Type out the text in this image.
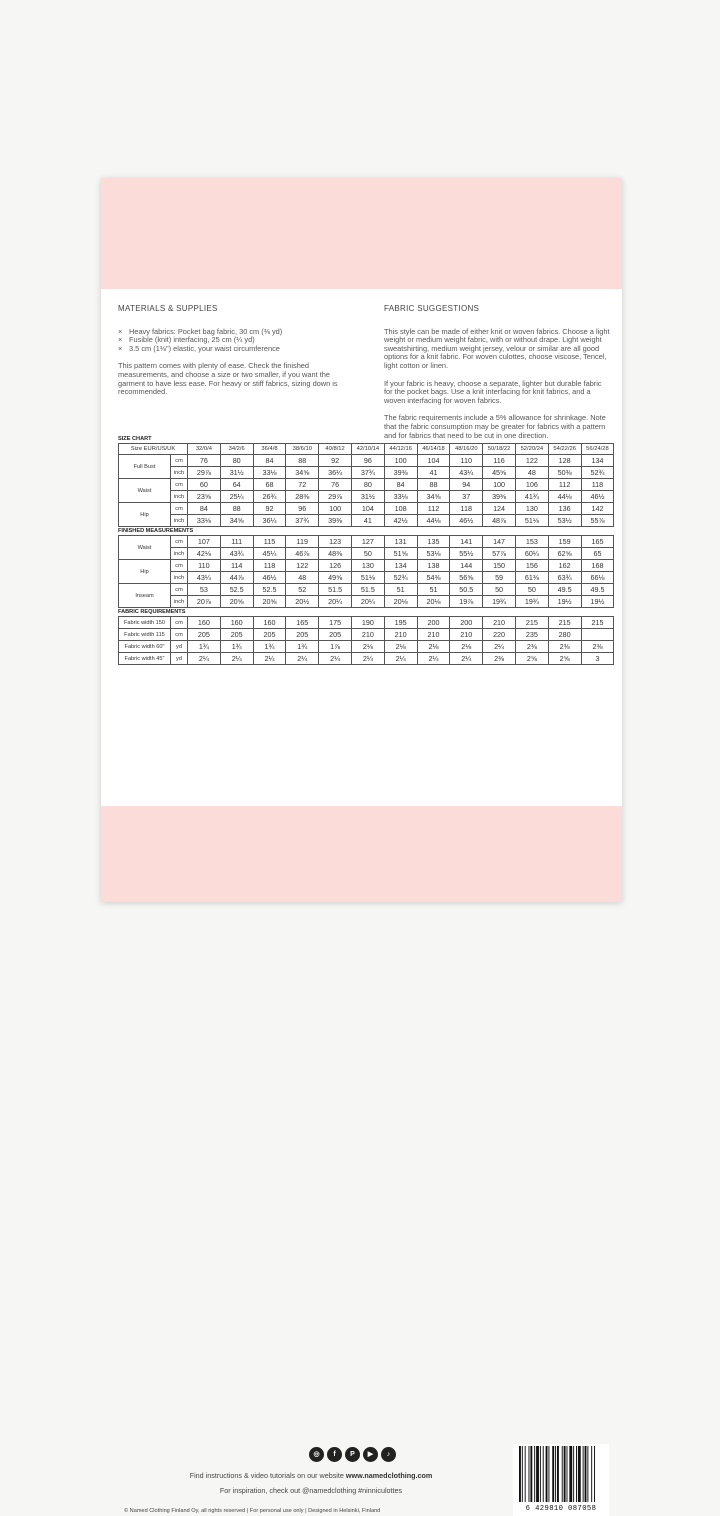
MATERIALS & SUPPLIES
× Heavy fabrics: Pocket bag fabric, 30 cm (⅜ yd)
× Fusible (knit) interfacing, 25 cm (¼ yd)
× 3.5 cm (1⅜") elastic, your waist circumference

This pattern comes with plenty of ease. Check the finished measurements, and choose a size or two smaller, if you want the garment to have less ease. For heavy or stiff fabrics, sizing down is recommended.

FABRIC SUGGESTIONS

This style can be made of either knit or woven fabrics. Choose a light weight or medium weight fabric, with or without drape. Light weight sweatshirting, medium weight jersey, velour or similar are all good options for a knit fabric. For woven culottes, choose viscose, Tencel, light cotton or linen.

If your fabric is heavy, choose a separate, lighter but durable fabric for the pocket bags. Use a knit interfacing for knit fabrics, and a woven interfacing for woven fabrics.

The fabric requirements include a 5% allowance for shrinkage. Note that the fabric consumption may be greater for fabrics with a pattern and for fabrics that need to be cut in one direction.

SIZE CHART
Size EUR/US/UK		32/0/4	34/2/6	36/4/8	38/6/10	40/8/12	42/10/14	44/12/16	46/14/18	48/16/20	50/18/22	52/20/24	54/22/26	56/24/28
Full Bust	cm	76	80	84	88	92	96	100	104	110	116	122	128	134
	inch	29⅞	31½	33⅛	34⅝	36¼	37¾	39⅜	41	43¼	45⅝	48	50⅜	52¾
Waist	cm	60	64	68	72	76	80	84	88	94	100	106	112	118
	inch	23⅝	25¼	26¾	28⅜	29⅞	31½	33⅛	34⅝	37	39⅜	41¾	44⅛	46½
Hip	cm	84	88	92	96	100	104	108	112	118	124	130	136	142
	inch	33⅛	34⅝	36¼	37¾	39⅜	41	42½	44⅛	46½	48⅞	51⅛	53½	55⅞
FINISHED MEASUREMENTS
Waist	cm	107	111	115	119	123	127	131	135	141	147	153	159	165
	inch	42⅛	43¾	45¼	46⅞	48⅜	50	51⅝	53⅛	55½	57⅞	60¼	62⅝	65
Hip	cm	110	114	118	122	126	130	134	138	144	150	156	162	168
	inch	43¼	44⅞	46½	48	49⅝	51⅛	52¾	54⅜	56⅝	59	61⅜	63¾	66⅛
Inseam	cm	53	52.5	52.5	52	51.5	51.5	51	51	50.5	50	50	49.5	49.5
	inch	20⅞	20⅝	20⅝	20½	20¼	20¼	20⅛	20⅛	19⅞	19¾	19¾	19½	19½
FABRIC REQUIREMENTS
Fabric width 150	cm	160	160	160	165	175	190	195	200	200	210	215	215	215
Fabric width 115	cm	205	205	205	205	205	210	210	210	210	220	235	280	
Fabric width 60"	yd	1¾	1¾	1¾	1¾	1⅞	2⅛	2⅛	2⅛	2⅛	2¼	2⅜	2⅜	2⅜
Fabric width 45"	yd	2¼	2¼	2¼	2¼	2¼	2¼	2¼	2¼	2¼	2⅜	2⅝	2⅝	3
◎	f	P	▶	♪
Find instructions & video tutorials on our website www.namedclothing.com
For inspiration, check out @namedclothing #ninniculottes
© Named Clothing Finland Oy, all rights reserved | For personal use only | Designed in Helsinki, Finland	6 429810 087058
